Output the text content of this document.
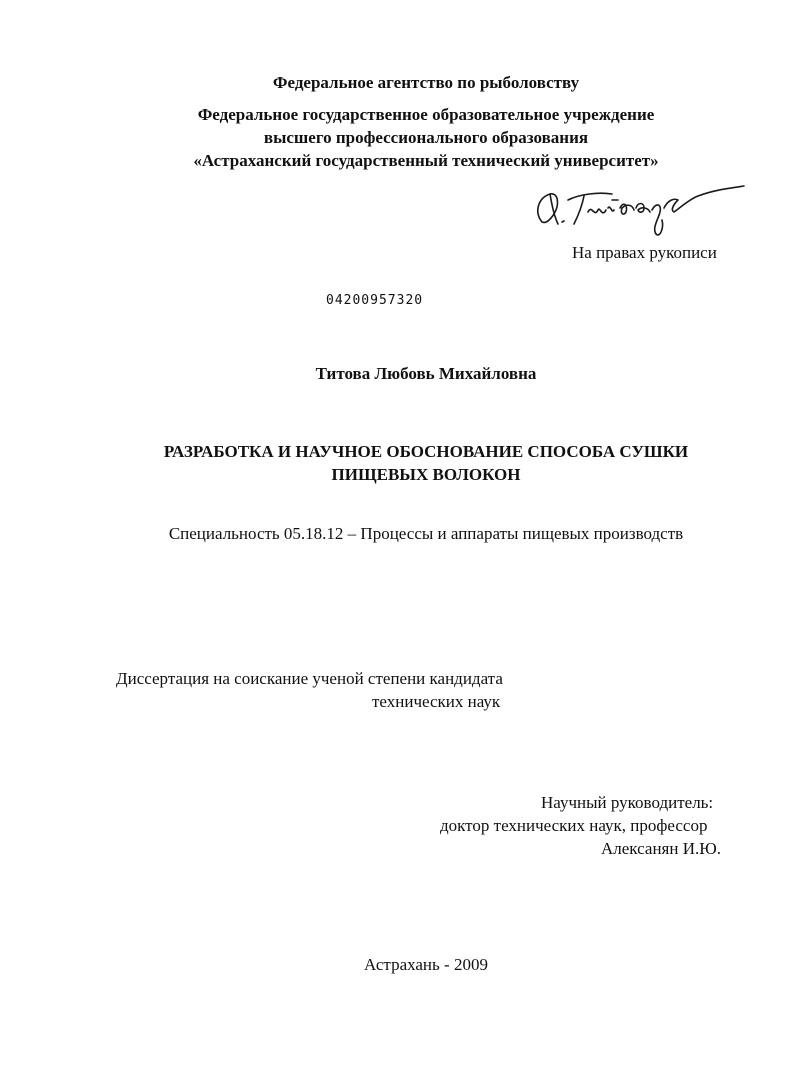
Федеральное агентство по рыболовству
Федеральное государственное образовательное учреждение
высшего профессионального образования
«Астраханский государственный технический университет»
На правах рукописи
04200957320
Титова Любовь Михайловна
РАЗРАБОТКА И НАУЧНОЕ ОБОСНОВАНИЕ СПОСОБА СУШКИ
ПИЩЕВЫХ ВОЛОКОН
Специальность 05.18.12 – Процессы и аппараты пищевых производств
Диссертация на соискание ученой степени кандидата
технических наук
Научный руководитель:
доктор технических наук, профессор
Алексанян И.Ю.
Астрахань - 2009
